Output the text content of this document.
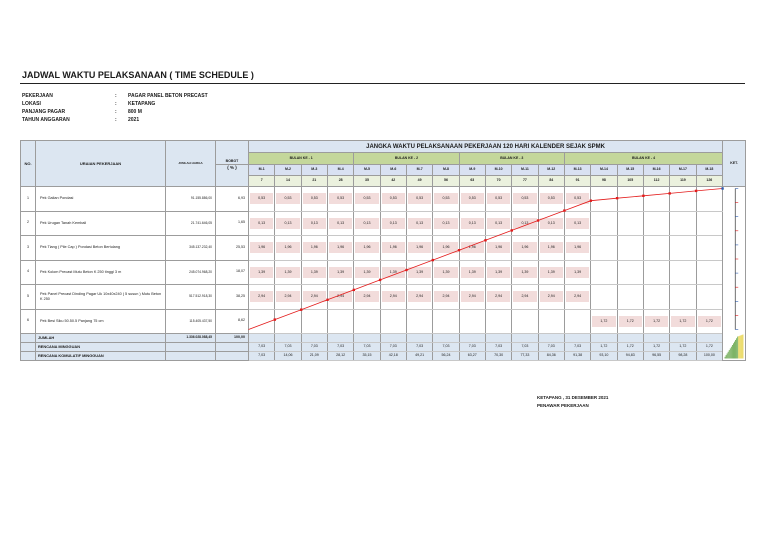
JADWAL WAKTU PELAKSANAAN ( TIME SCHEDULE )
PEKERJAAN	:	PAGAR PANEL BETON PRECAST
LOKASI	:	KETAPANG
PANJANG PAGAR	:	800 M
TAHUN ANGGARAN	:	2021
NO.	URAIAN PEKERJAAN	JUMLAH HARGA	BOBOT	JANGKA WAKTU PELAKSANAAN PEKERJAAN 120 HARI KALENDER SEJAK SPMK																		KET.
				BULAN KE - 1				BULAN KE - 2				BULAN KE - 3				BULAN KE - 4						
			( % )	M-1	M-2	M-3	M-4	M-5	M-6	M-7	M-8	M-9	M-10	M-11	M-12	M-13	M-14	M-15	M-16	M-17	M-18	
				7	14	21	28	35	42	49	56	63	70	77	84	91	98	105	112	119	126	
1	Pek Galian Pondasi	91.155.886,00	6,93	0,53	0,53	0,53	0,53	0,53	0,53	0,53	0,53	0,53	0,53	0,53	0,53	0,53						

2	Pek Urugan Tanah Kembali	21.741.646,05	1,65	0,13	0,13	0,13	0,13	0,13	0,13	0,13	0,13	0,13	0,13	0,13	0,13	0,13						

3	Pek Tiang ( Pile Cap ) Pondasi Beton Bertulang	345.137.232,40	25,53	1,96	1,96	1,96	1,96	1,96	1,96	1,96	1,96	1,96	1,96	1,96	1,96	1,96						

4	Pek Kolom Precast Mutu Beton K 250 tinggi 3 m	245.074.968,20	18,07	1,39	1,39	1,39	1,39	1,39	1,39	1,39	1,39	1,39	1,39	1,39	1,39	1,39						

5	Pek Panel Precast Dinding Pagar Uk 10x40x240 ( 5 susun ) Mutu Beton K 250	517.512.918,30	38,25	2,94	2,94	2,94	2,94	2,94	2,94	2,94	2,94	2,94	2,94	2,94	2,94	2,94						

6	Pek Besi Siku 50.50.5 Panjang 75 cm	115.405.437,50	8,62														1,72	1,72	1,72	1,72	1,72	

	JUMLAH	1.336.028.088,45	100,00																			
	RENCANA MINGGUAN			7,03	7,03	7,03	7,03	7,03	7,03	7,03	7,03	7,03	7,03	7,03	7,03	7,03	1,72	1,72	1,72	1,72	1,72	
	RENCANA KOMULATIF MINGGUAN			7,03	14,06	21,09	28,12	35,15	42,18	49,21	56,24	63,27	70,30	77,33	84,36	91,38	93,10	94,83	96,55	98,28	100,00	
KETAPANG , 31 DESEMBER 2021
PENAWAR PEKERJAAN
